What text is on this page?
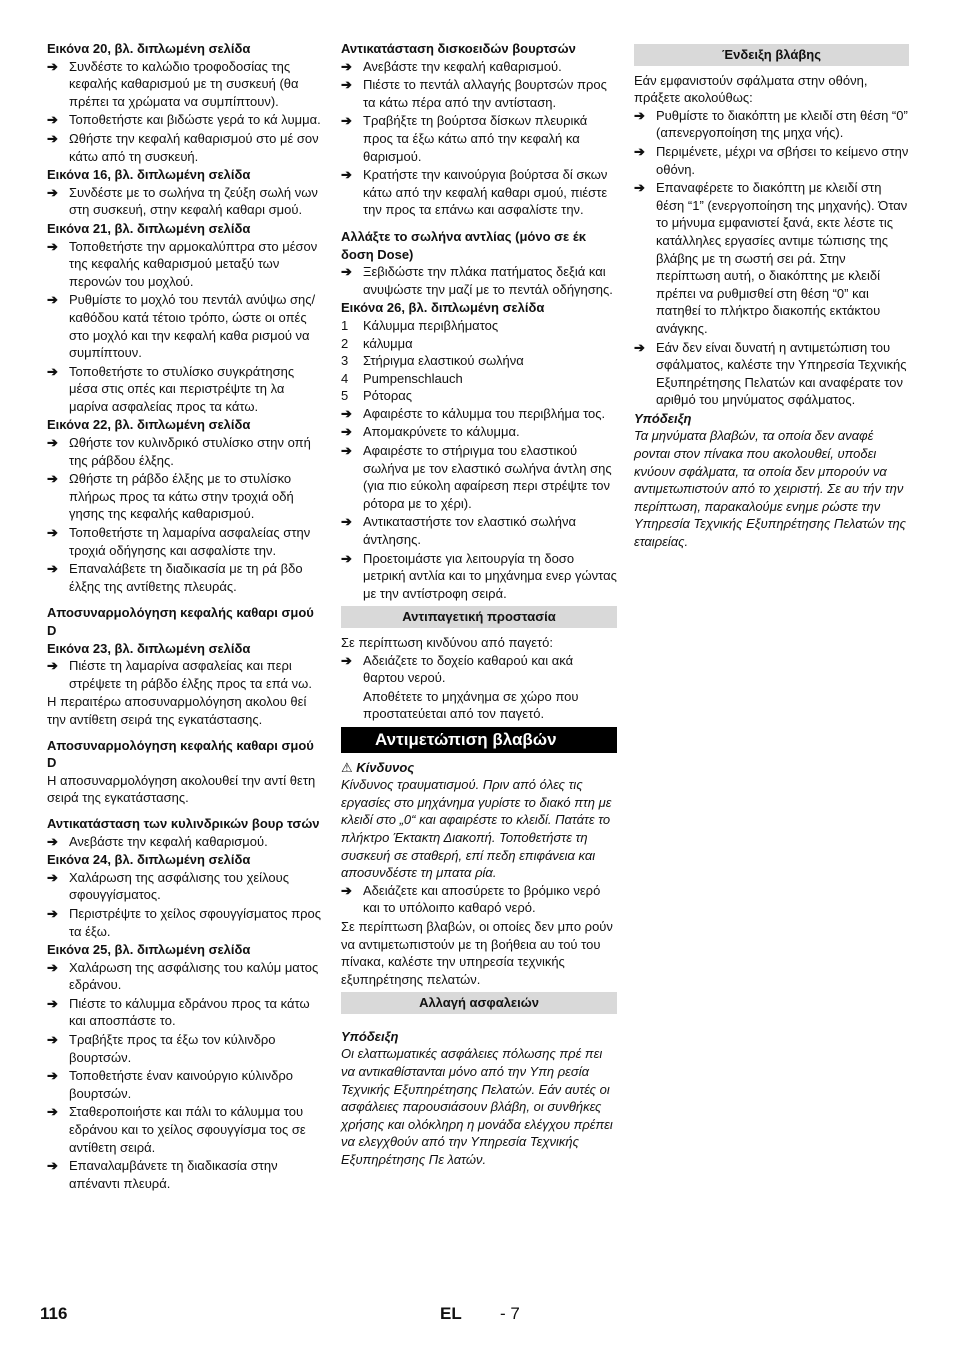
Εικόνα 20, βλ. διπλωμένη σελίδα
➔ Συνδέστε το καλώδιο τροφοδοσίας της κεφαλής καθαρισμού με τη συσκευή (θα πρέπει τα χρώματα να συμπίπτουν).
➔ Τοποθετήστε και βιδώστε γερά το κά λυμμα.
➔ Ωθήστε την κεφαλή καθαρισμού στο μέ σον κάτω από τη συσκευή.
Εικόνα 16, βλ. διπλωμένη σελίδα
➔ Συνδέστε με το σωλήνα τη ζεύξη σωλή νων στη συσκευή, στην κεφαλή καθαρι σμού.
Εικόνα 21, βλ. διπλωμένη σελίδα
➔ Τοποθετήστε την αρμοκαλύπτρα στο μέσον της κεφαλής καθαρισμού μεταξύ των περονών του μοχλού.
➔ Ρυθμίστε το μοχλό του πεντάλ ανύψω σης/καθόδου κατά τέτοιο τρόπο, ώστε οι οπές στο μοχλό και την κεφαλή καθα ρισμού να συμπίπτουν.
➔ Τοποθετήστε το στυλίσκο συγκράτησης μέσα στις οπές και περιστρέψτε τη λα μαρίνα ασφαλείας προς τα κάτω.
Εικόνα 22, βλ. διπλωμένη σελίδα
➔ Ωθήστε τον κυλινδρικό στυλίσκο στην οπή της ράβδου έλξης.
➔ Ωθήστε τη ράβδο έλξης με το στυλίσκο πλήρως προς τα κάτω στην τροχιά οδή γησης της κεφαλής καθαρισμού.
➔ Τοποθετήστε τη λαμαρίνα ασφαλείας στην τροχιά οδήγησης και ασφαλίστε την.
➔ Επαναλάβετε τη διαδικασία με τη ρά βδο έλξης της αντίθετης πλευράς.
Αποσυναρμολόγηση κεφαλής καθαρι σμού D
Εικόνα 23, βλ. διπλωμένη σελίδα
➔ Πιέστε τη λαμαρίνα ασφαλείας και περι στρέψετε τη ράβδο έλξης προς τα επά νω.
Η περαιτέρω αποσυναρμολόγηση ακολου θεί την αντίθετη σειρά της εγκατάστασης.
Αποσυναρμολόγηση κεφαλής καθαρι σμού D
Η αποσυναρμολόγηση ακολουθεί την αντί θετη σειρά της εγκατάστασης.
Αντικατάσταση των κυλινδρικών βουρ τσών
➔ Ανεβάστε την κεφαλή καθαρισμού.
Εικόνα 24, βλ. διπλωμένη σελίδα
➔ Χαλάρωση της ασφάλισης του χείλους σφουγγίσματος.
➔ Περιστρέψτε το χείλος σφουγγίσματος προς τα έξω.
Εικόνα 25, βλ. διπλωμένη σελίδα
➔ Χαλάρωση της ασφάλισης του καλύμ ματος εδράνου.
➔ Πιέστε το κάλυμμα εδράνου προς τα κάτω και αποσπάστε το.
➔ Τραβήξτε προς τα έξω τον κύλινδρο βουρτσών.
➔ Τοποθετήστε έναν καινούργιο κύλινδρο βουρτσών.
➔ Σταθεροποιήστε και πάλι το κάλυμμα του εδράνου και το χείλος σφουγγίσμα τος σε αντίθετη σειρά.
➔ Επαναλαμβάνετε τη διαδικασία στην απέναντι πλευρά.
Αντικατάσταση δισκοειδών βουρτσών
➔ Ανεβάστε την κεφαλή καθαρισμού.
➔ Πιέστε το πεντάλ αλλαγής βουρτσών προς τα κάτω πέρα από την αντίσταση.
➔ Τραβήξτε τη βούρτσα δίσκων πλευρικά προς τα έξω κάτω από την κεφαλή κα θαρισμού.
➔ Κρατήστε την καινούργια βούρτσα δί σκων κάτω από την κεφαλή καθαρι σμού, πιέστε την προς τα επάνω και ασφαλίστε την.
Αλλάξτε το σωλήνα αντλίας (μόνο σε έκ δοση Dose)
➔ Ξεβιδώστε την πλάκα πατήματος δεξιά και ανυψώστε την μαζί με το πεντάλ οδήγησης.
Εικόνα 26, βλ. διπλωμένη σελίδα
1	Κάλυμμα περιβλήματος
2	κάλυμμα
3	Στήριγμα ελαστικού σωλήνα
4	Pumpenschlauch
5	Ρότορας
➔ Αφαιρέστε το κάλυμμα του περιβλήμα τος.
➔ Απομακρύνετε το κάλυμμα.
➔ Αφαιρέστε το στήριγμα του ελαστικού σωλήνα με τον ελαστικό σωλήνα άντλη σης (για πιο εύκολη αφαίρεση περι στρέψτε τον ρότορα με το χέρι).
➔ Αντικαταστήστε τον ελαστικό σωλήνα άντλησης.
➔ Προετοιμάστε για λειτουργία τη δοσο μετρική αντλία και το μηχάνημα ενερ γώντας με την αντίστροφη σειρά.
Αντιπαγετική προστασία
Σε περίπτωση κινδύνου από παγετό:
➔ Αδειάζετε το δοχείο καθαρού και ακά θαρτου νερού.
Αποθέτετε το μηχάνημα σε χώρο που προστατεύεται από τον παγετό.
Αντιμετώπιση βλαβών
⚠ Κίνδυνος
Κίνδυνος τραυματισμού. Πριν από όλες τις εργασίες στο μηχάνημα γυρίστε το διακό πτη με κλειδί στο „0“ και αφαιρέστε το κλειδί. Πατάτε το πλήκτρο Έκτακτη Διακοπή. Τοποθετήστε τη συσκευή σε σταθερή, επί πεδη επιφάνεια και αποσυνδέστε τη μπατα ρία.
➔ Αδειάζετε και αποσύρετε το βρόμικο νερό και το υπόλοιπο καθαρό νερό.
Σε περίπτωση βλαβών, οι οποίες δεν μπο ρούν να αντιμετωπιστούν με τη βοήθεια αυ τού του πίνακα, καλέστε την υπηρεσία τεχνικής εξυπηρέτησης πελατών.
Αλλαγή ασφαλειών
Υπόδειξη
Οι ελαττωματικές ασφάλειες πόλωσης πρέ πει να αντικαθίστανται μόνο από την Υπη ρεσία Τεχνικής Εξυπηρέτησης Πελατών. Εάν αυτές οι ασφάλειες παρουσιάσουν βλάβη, οι συνθήκες χρήσης και ολόκληρη η μονάδα ελέγχου πρέπει να ελεγχθούν από την Υπηρεσία Τεχνικής Εξυπηρέτησης Πε λατών.
Ένδειξη βλάβης
Εάν εμφανιστούν σφάλματα στην οθόνη, πράξετε ακολούθως:
➔ Ρυθμίστε το διακόπτη με κλειδί στη θέση “0” (απενεργοποίηση της μηχα νής).
➔ Περιμένετε, μέχρι να σβήσει το κείμενο στην οθόνη.
➔ Επαναφέρετε το διακόπτη με κλειδί στη θέση “1” (ενεργοποίηση της μηχανής). Όταν το μήνυμα εμφανιστεί ξανά, εκτε λέστε τις κατάλληλες εργασίες αντιμε τώπισης της βλάβης με τη σωστή σει ρά. Στην περίπτωση αυτή, ο διακόπτης με κλειδί πρέπει να ρυθμισθεί στη θέση “0” και πατηθεί το πλήκτρο διακοπής εκτάκτου ανάγκης.
➔ Εάν δεν είναι δυνατή η αντιμετώπιση του σφάλματος, καλέστε την Υπηρεσία Τεχνικής Εξυπηρέτησης Πελατών και αναφέρατε τον αριθμό του μηνύματος σφάλματος.
Υπόδειξη
Τα μηνύματα βλαβών, τα οποία δεν αναφέ ρονται στον πίνακα που ακολουθεί, υποδει κνύουν σφάλματα, τα οποία δεν μπορούν να αντιμετωπιστούν από το χειριστή. Σε αυ τήν την περίπτωση, παρακαλούμε ενημε ρώστε την Υπηρεσία Τεχνικής Εξυπηρέτησης Πελατών της εταιρείας.
116	EL - 7
